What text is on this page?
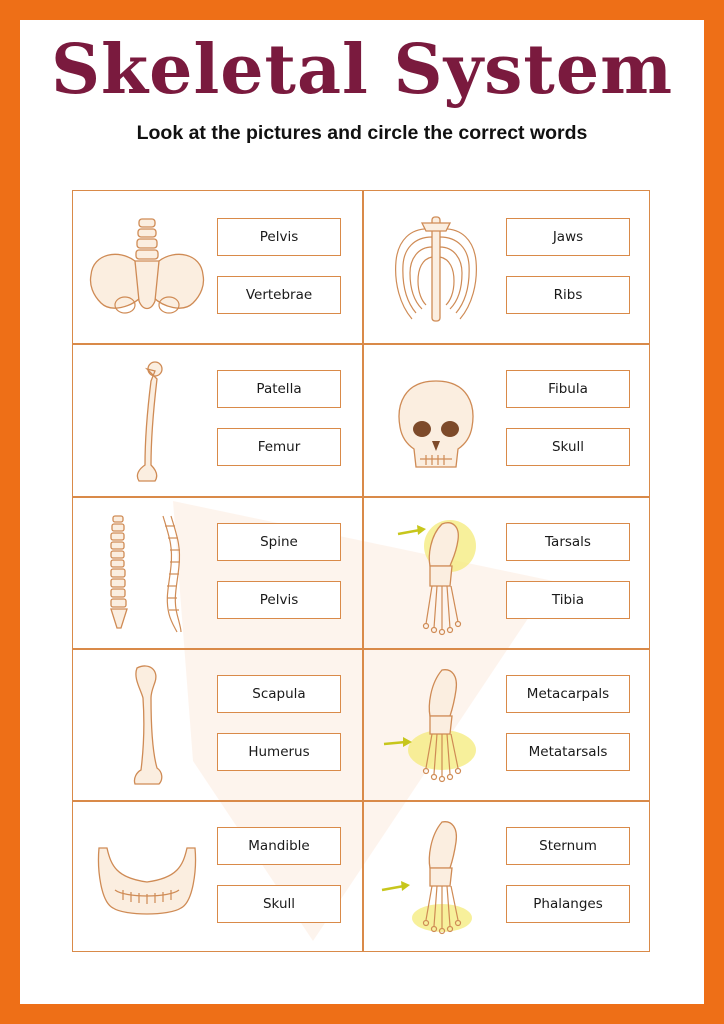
Skeletal System
Look at the pictures and circle the correct words
Pelvis
Vertebrae
Jaws
Ribs
Patella
Femur
Fibula
Skull
Spine
Pelvis
Tarsals
Tibia
Scapula
Humerus
Metacarpals
Metatarsals
Mandible
Skull
Sternum
Phalanges
